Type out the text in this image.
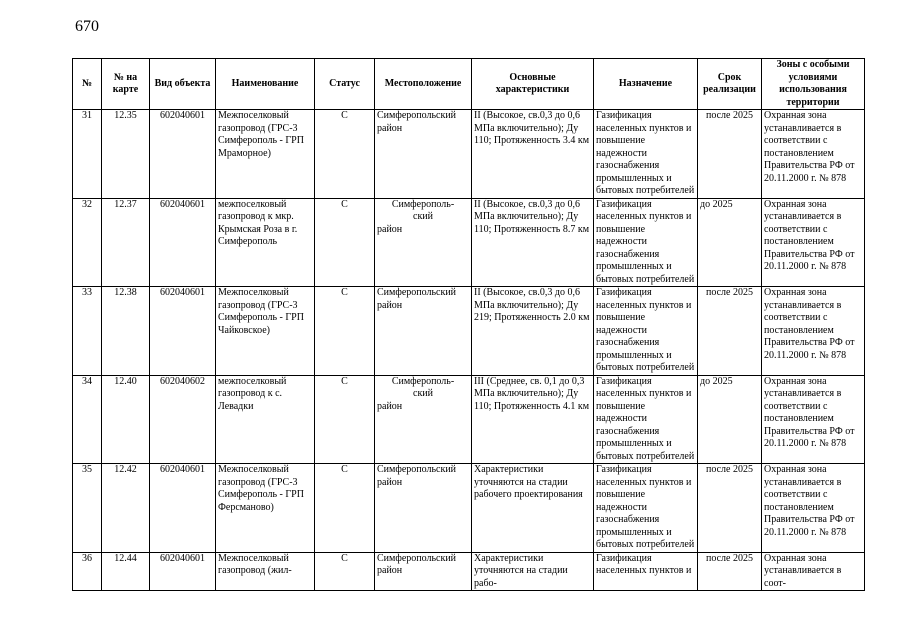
670
№	№ на карте	Вид объекта	Наименование	Статус	Местоположение	Основные характеристики	Назначение	Срок реализации	Зоны с особыми условиями использования территории
31	12.35	602040601	Межпоселковый газопровод (ГРС-3 Симферополь - ГРП Мраморное)	С	Симферопольский район	II (Высокое, св.0,3 до 0,6 МПа включительно); Ду 110; Протяженность 3.4 км	Газификация населенных пунктов и повышение надежности газоснабжения промышленных и бытовых потребителей	после 2025	Охранная зона устанавливается в соответствии с постановлением Правительства РФ от 20.11.2000 г. № 878
32	12.37	602040601	межпоселковый газопровод к мкр. Крымская Роза в г. Симферополь	С	Симферополь-
ский
район	II (Высокое, св.0,3 до 0,6 МПа включительно); Ду 110; Протяженность 8.7 км	Газификация населенных пунктов и повышение надежности газоснабжения промышленных и бытовых потребителей	до 2025	Охранная зона устанавливается в соответствии с постановлением Правительства РФ от 20.11.2000 г. № 878
33	12.38	602040601	Межпоселковый газопровод (ГРС-3 Симферополь - ГРП Чайковское)	С	Симферопольский район	II (Высокое, св.0,3 до 0,6 МПа включительно); Ду 219; Протяженность 2.0 км	Газификация населенных пунктов и повышение надежности газоснабжения промышленных и бытовых потребителей	после 2025	Охранная зона устанавливается в соответствии с постановлением Правительства РФ от 20.11.2000 г. № 878
34	12.40	602040602	межпоселковый газопровод к с. Левадки	С	Симферополь-
ский
район	III (Среднее, св. 0,1 до 0,3 МПа включительно); Ду 110; Протяженность 4.1 км	Газификация населенных пунктов и повышение надежности газоснабжения промышленных и бытовых потребителей	до 2025	Охранная зона устанавливается в соответствии с постановлением Правительства РФ от 20.11.2000 г. № 878
35	12.42	602040601	Межпоселковый газопровод (ГРС-3 Симферополь - ГРП Ферсманово)	С	Симферопольский район	Характеристики уточняются на стадии рабочего проектирования	Газификация населенных пунктов и повышение надежности газоснабжения промышленных и бытовых потребителей	после 2025	Охранная зона устанавливается в соответствии с постановлением Правительства РФ от 20.11.2000 г. № 878
36	12.44	602040601	Межпоселковый газопровод (жил-	С	Симферопольский район	Характеристики уточняются на стадии рабо-	Газификация населенных пунктов и	после 2025	Охранная зона устанавливается в соот-
